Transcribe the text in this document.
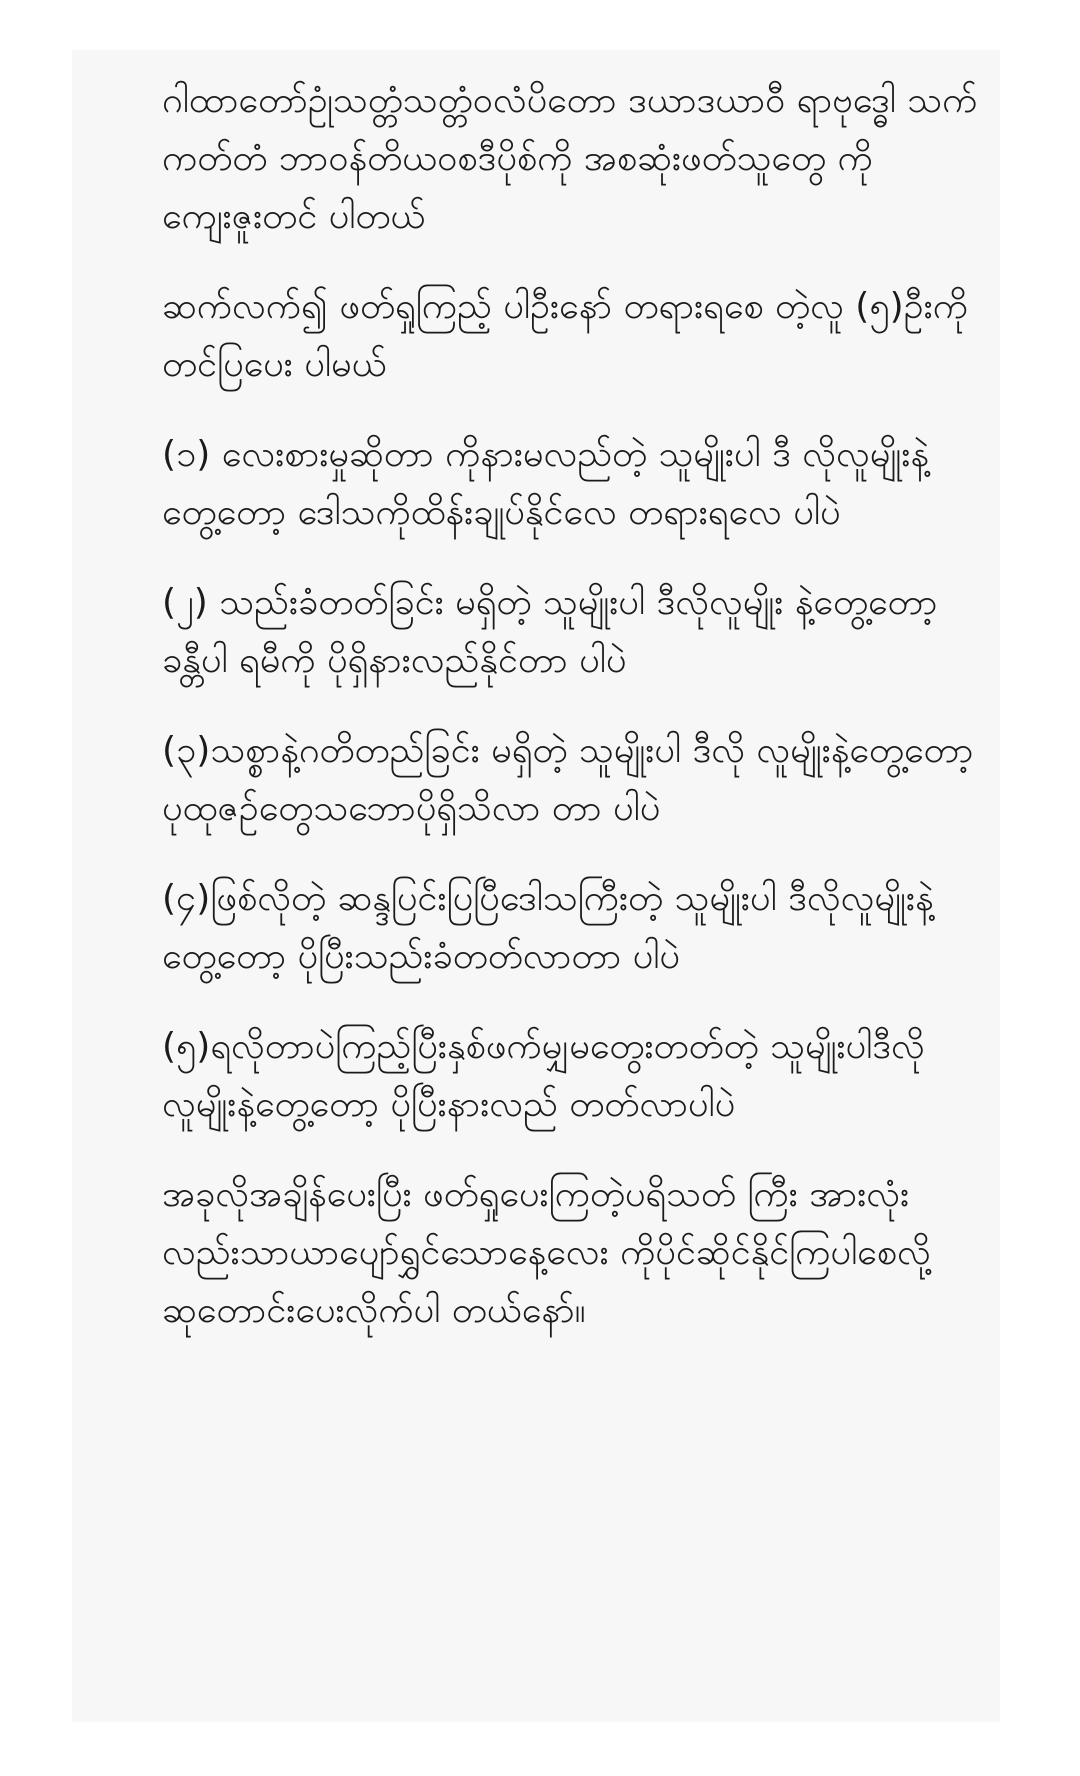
ဂါထာတော်ဥုံသတ္တံသတ္တံဝလံပိတော ဒယာဒယာဝီ ရာဗုဒ္ဓေါ သက်ကတ်တံ ဘာဝန်တိယဝစဒီပိုစ်ကို အစဆုံးဖတ်သူတွေ ကိုကျေးဇူးတင် ပါတယ်

ဆက်လက်၍ ဖတ်ရှုကြည့် ပါဦးနော် တရားရစေ တဲ့လူ (၅)ဦးကို တင်ပြပေး ပါမယ်

(၁) လေးစားမှုဆိုတာ ကိုနားမလည်တဲ့ သူမျိုးပါ ဒီ လိုလူမျိုးနဲ့တွေ့တော့ ဒေါသကိုထိန်းချုပ်နိုင်လေ တရားရလေ ပါပဲ

(၂) သည်းခံတတ်ခြင်း မရှိတဲ့ သူမျိုးပါ ဒီလိုလူမျိုး နဲ့တွေ့တော့ ခန္တီပါ ရမီကို ပိုရှိနားလည်နိုင်တာ ပါပဲ

(၃)သစ္စာနဲ့ဂတိတည်ခြင်း မရှိတဲ့ သူမျိုးပါ ဒီလို လူမျိုးနဲ့တွေ့တော့ ပုထုဇဉ်တွေသဘောပိုရှိသိလာ တာ ပါပဲ

(၄)ဖြစ်လိုတဲ့ ဆန္ဒပြင်းပြပြီဒေါသကြီးတဲ့ သူမျိုးပါ ဒီလိုလူမျိုးနဲ့တွေ့တော့ ပိုပြီးသည်းခံတတ်လာတာ ပါပဲ

(၅)ရလိုတာပဲကြည့်ပြီးနှစ်ဖက်မျှမတွေးတတ်တဲ့ သူမျိုးပါဒီလိုလူမျိုးနဲ့တွေ့တော့ ပိုပြီးနားလည် တတ်လာပါပဲ

အခုလိုအချိန်ပေးပြီး ဖတ်ရှုပေးကြတဲ့ပရိသတ် ကြီး အားလုံးလည်းသာယာပျော်ရွှင်သောနေ့လေး ကိုပိုင်ဆိုင်နိုင်ကြပါစေလို့ ဆုတောင်းပေးလိုက်ပါ တယ်နော်။
